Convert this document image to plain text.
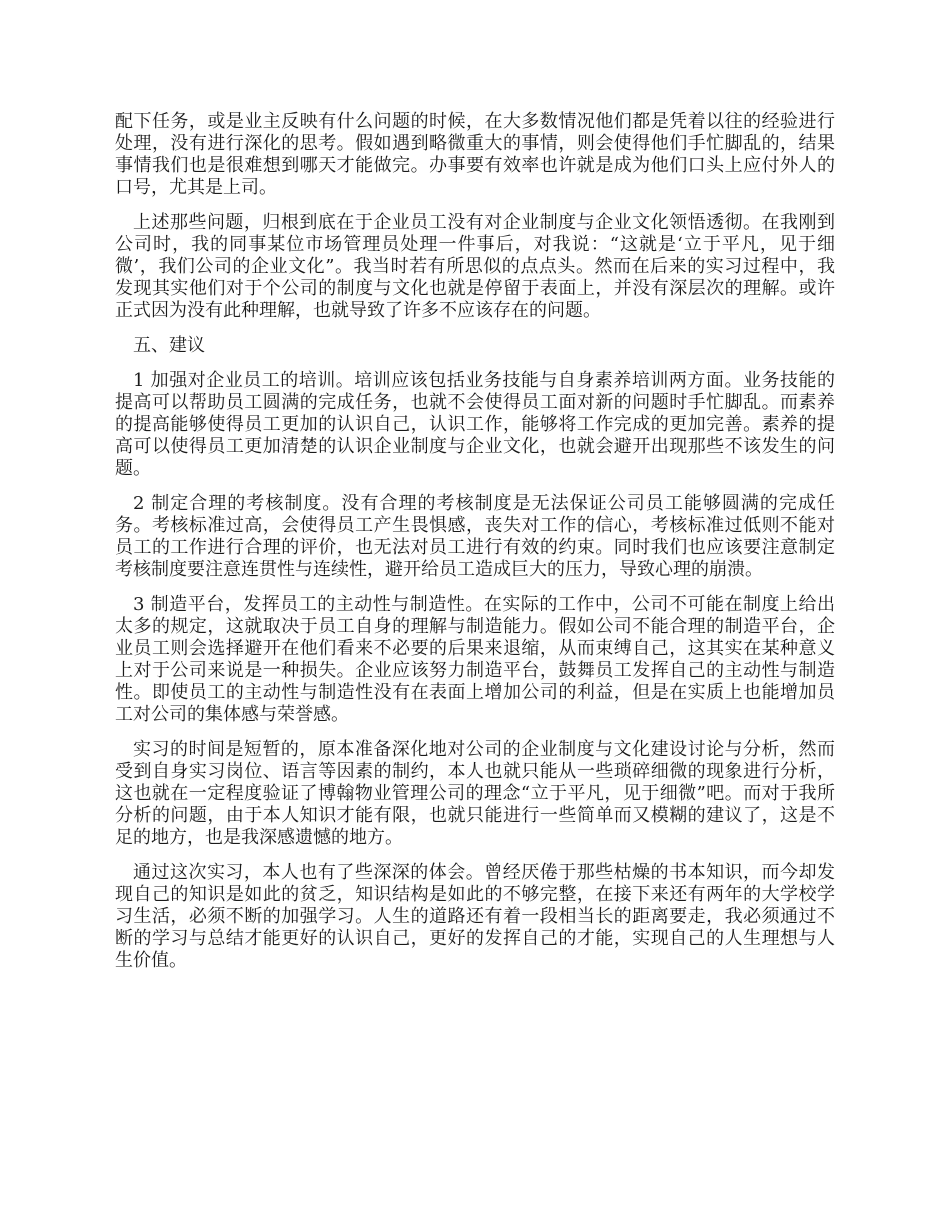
配下任务，或是业主反映有什么问题的时候，在大多数情况他们都是凭着以往的经验进行
处理，没有进行深化的思考。假如遇到略微重大的事情，则会使得他们手忙脚乱的，结果
事情我们也是很难想到哪天才能做完。办事要有效率也许就是成为他们口头上应付外人的
口号，尤其是上司。
上述那些问题，归根到底在于企业员工没有对企业制度与企业文化领悟透彻。在我刚到
公司时，我的同事某位市场管理员处理一件事后，对我说：“这就是‘立于平凡，见于细
微’，我们公司的企业文化”。我当时若有所思似的点点头。然而在后来的实习过程中，我
发现其实他们对于个公司的制度与文化也就是停留于表面上，并没有深层次的理解。或许
正式因为没有此种理解，也就导致了许多不应该存在的问题。
五、建议
1 加强对企业员工的培训。培训应该包括业务技能与自身素养培训两方面。业务技能的
提高可以帮助员工圆满的完成任务，也就不会使得员工面对新的问题时手忙脚乱。而素养
的提高能够使得员工更加的认识自己，认识工作，能够将工作完成的更加完善。素养的提
高可以使得员工更加清楚的认识企业制度与企业文化，也就会避开出现那些不该发生的问
题。
2 制定合理的考核制度。没有合理的考核制度是无法保证公司员工能够圆满的完成任
务。考核标准过高，会使得员工产生畏惧感，丧失对工作的信心，考核标准过低则不能对
员工的工作进行合理的评价，也无法对员工进行有效的约束。同时我们也应该要注意制定
考核制度要注意连贯性与连续性，避开给员工造成巨大的压力，导致心理的崩溃。
3 制造平台，发挥员工的主动性与制造性。在实际的工作中，公司不可能在制度上给出
太多的规定，这就取决于员工自身的理解与制造能力。假如公司不能合理的制造平台，企
业员工则会选择避开在他们看来不必要的后果来退缩，从而束缚自己，这其实在某种意义
上对于公司来说是一种损失。企业应该努力制造平台，鼓舞员工发挥自己的主动性与制造
性。即使员工的主动性与制造性没有在表面上增加公司的利益，但是在实质上也能增加员
工对公司的集体感与荣誉感。
实习的时间是短暂的，原本准备深化地对公司的企业制度与文化建设讨论与分析，然而
受到自身实习岗位、语言等因素的制约，本人也就只能从一些琐碎细微的现象进行分析，
这也就在一定程度验证了博翰物业管理公司的理念“立于平凡，见于细微”吧。而对于我所
分析的问题，由于本人知识才能有限，也就只能进行一些简单而又模糊的建议了，这是不
足的地方，也是我深感遗憾的地方。
通过这次实习，本人也有了些深深的体会。曾经厌倦于那些枯燥的书本知识，而今却发
现自己的知识是如此的贫乏，知识结构是如此的不够完整，在接下来还有两年的大学校学
习生活，必须不断的加强学习。人生的道路还有着一段相当长的距离要走，我必须通过不
断的学习与总结才能更好的认识自己，更好的发挥自己的才能，实现自己的人生理想与人
生价值。
